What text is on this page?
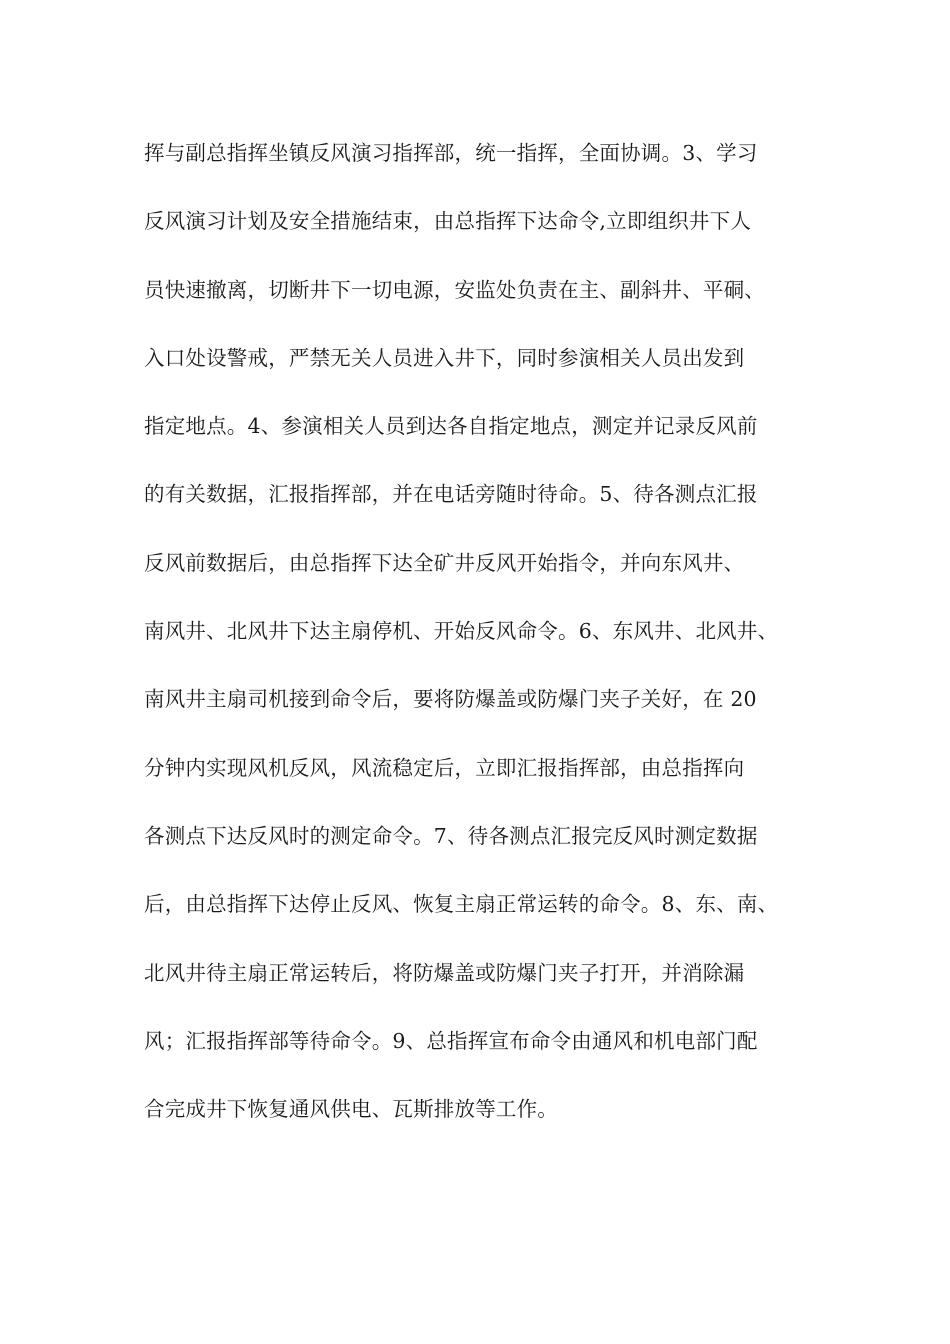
挥与副总指挥坐镇反风演习指挥部，统一指挥，全面协调。3、学习
反风演习计划及安全措施结束，由总指挥下达命令,立即组织井下人
员快速撤离，切断井下一切电源，安监处负责在主、副斜井、平硐、
入口处设警戒，严禁无关人员进入井下，同时参演相关人员出发到
指定地点。4、参演相关人员到达各自指定地点，测定并记录反风前
的有关数据，汇报指挥部，并在电话旁随时待命。5、待各测点汇报
反风前数据后，由总指挥下达全矿井反风开始指令，并向东风井、
南风井、北风井下达主扇停机、开始反风命令。6、东风井、北风井、
南风井主扇司机接到命令后，要将防爆盖或防爆门夹子关好，在 20
分钟内实现风机反风，风流稳定后，立即汇报指挥部，由总指挥向
各测点下达反风时的测定命令。7、待各测点汇报完反风时测定数据
后，由总指挥下达停止反风、恢复主扇正常运转的命令。8、东、南、
北风井待主扇正常运转后，将防爆盖或防爆门夹子打开，并消除漏
风；汇报指挥部等待命令。9、总指挥宣布命令由通风和机电部门配
合完成井下恢复通风供电、瓦斯排放等工作。
